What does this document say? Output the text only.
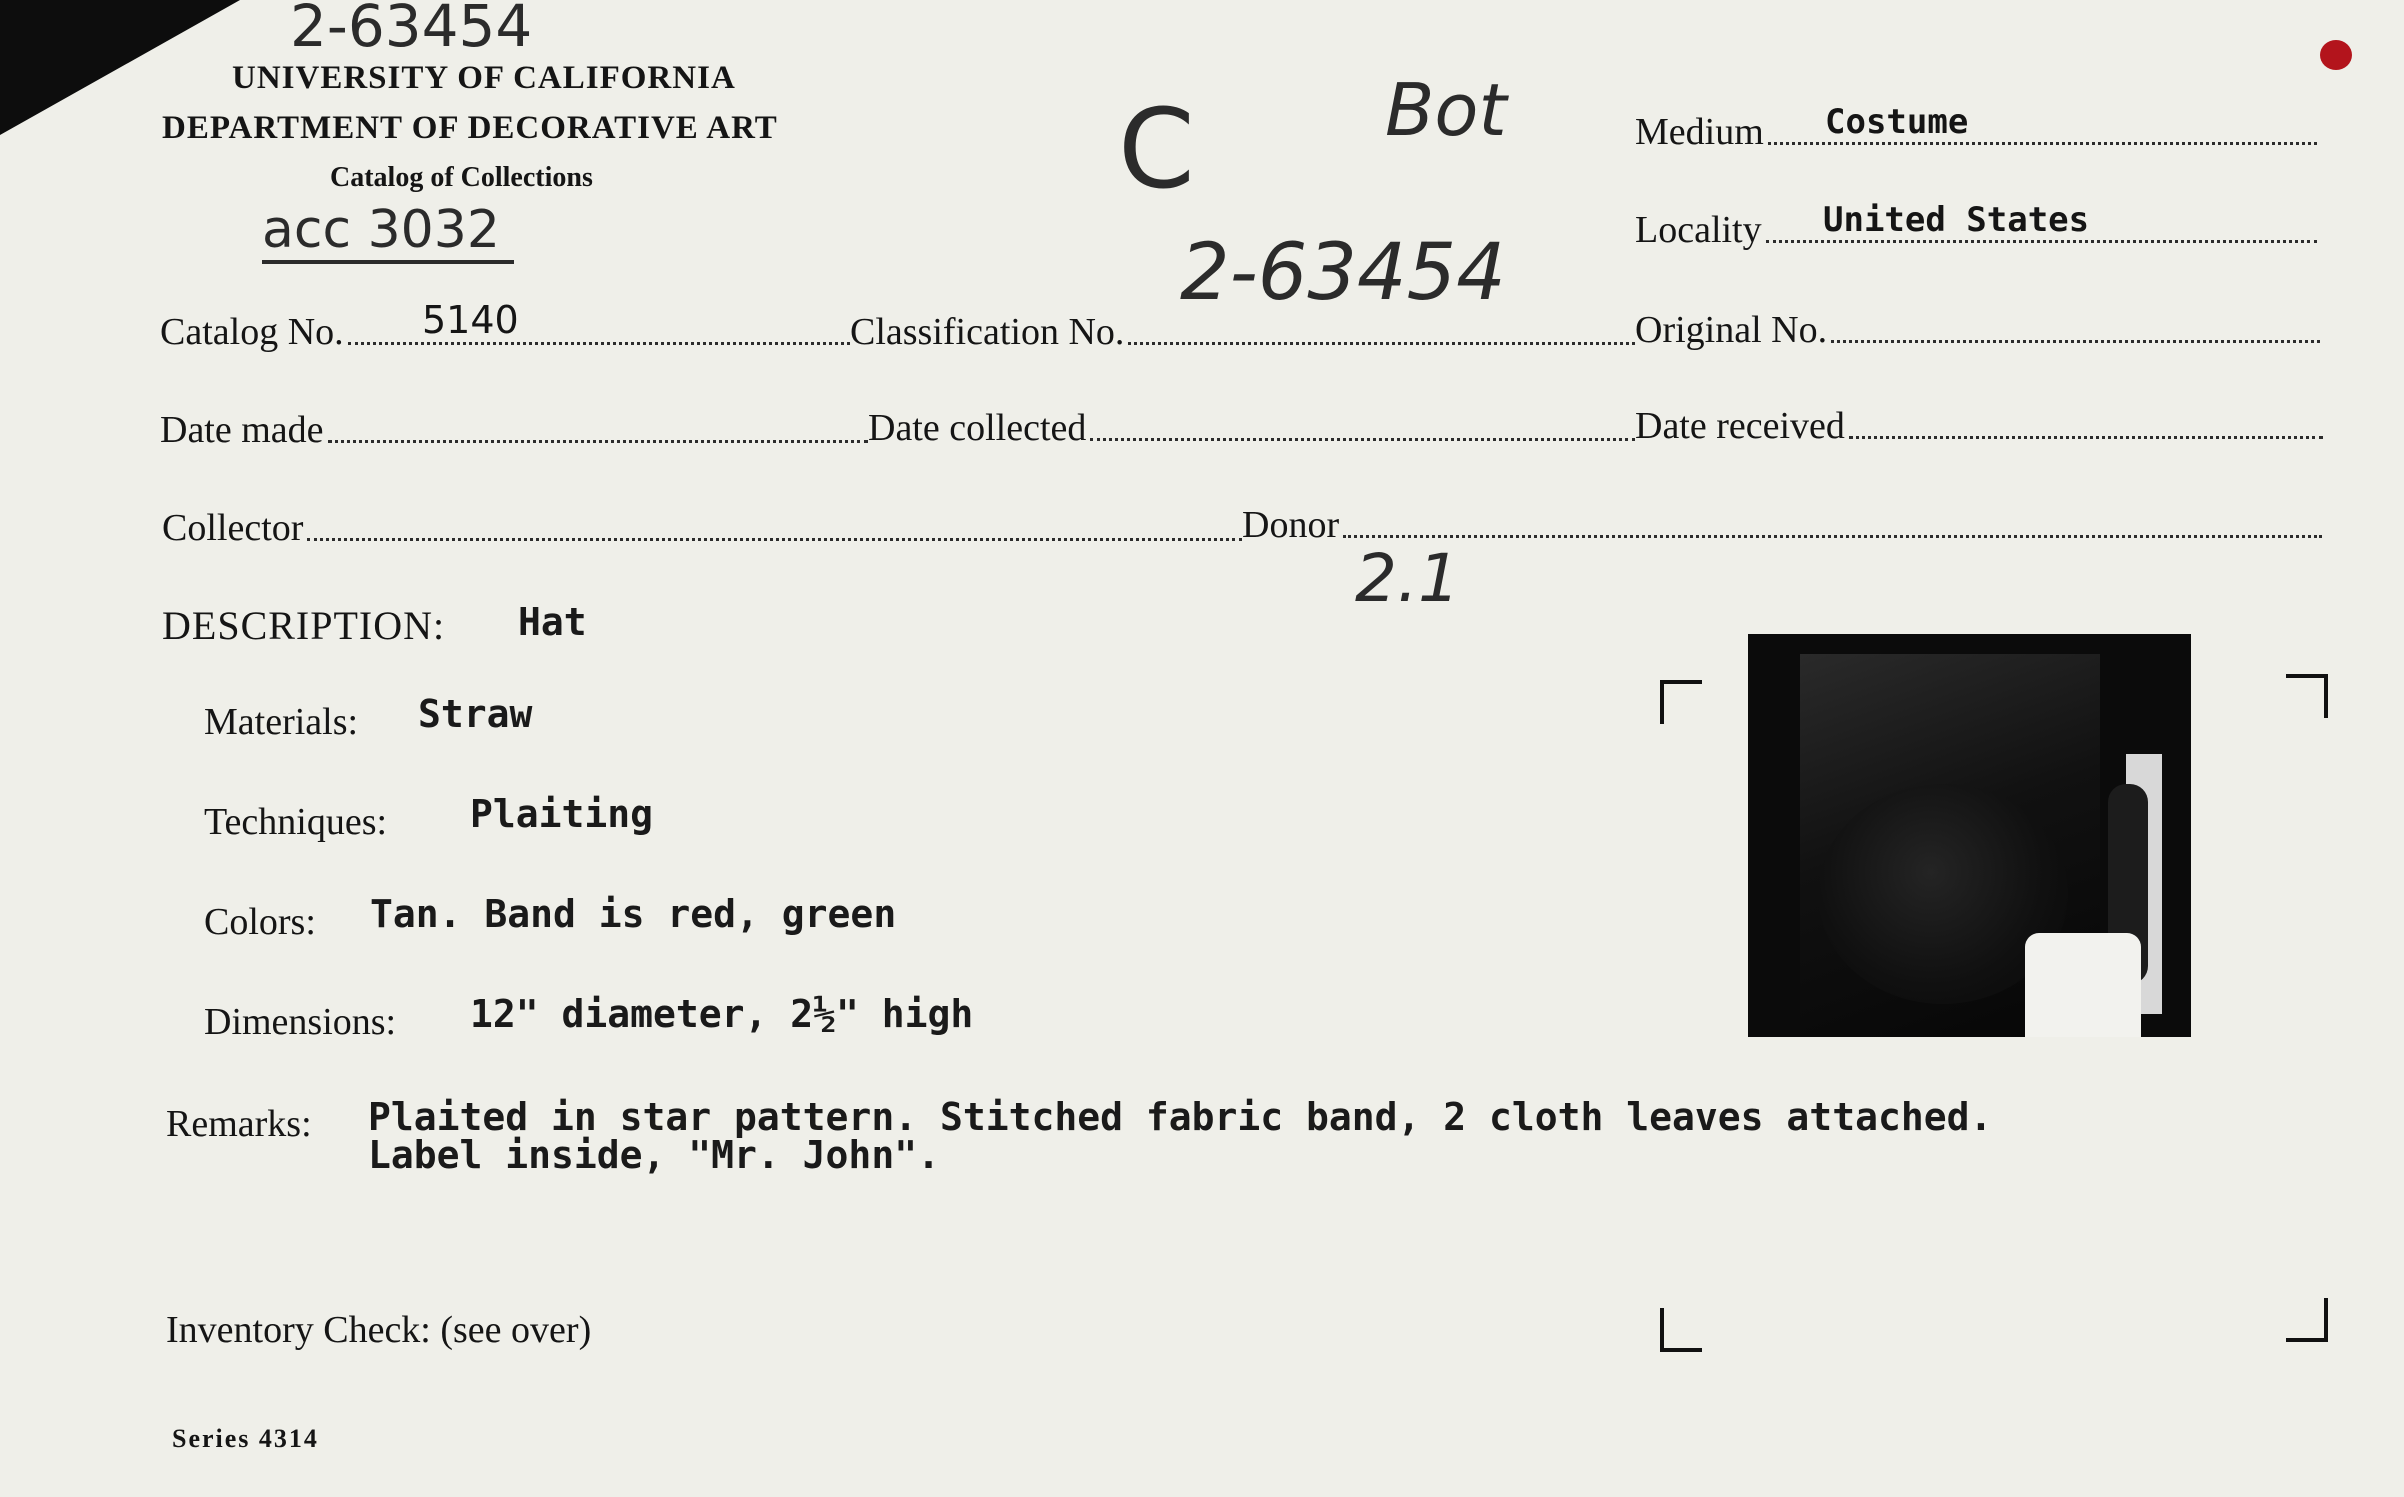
2-63454
UNIVERSITY OF CALIFORNIA
DEPARTMENT OF DECORATIVE ART
Catalog of Collections
acc 3032
C	Bot
2-63454
Medium Costume
Locality United States
Catalog No. 5140	Classification No.	Original No.
Date made	Date collected	Date received
Collector	Donor
2.1
DESCRIPTION: Hat
Materials: Straw
Techniques: Plaiting
Colors: Tan. Band is red, green
Dimensions: 12" diameter, 2½" high
Remarks: Plaited in star pattern. Stitched fabric band, 2 cloth leaves attached.
Label inside, "Mr. John".
Inventory Check: (see over)
Series 4314
